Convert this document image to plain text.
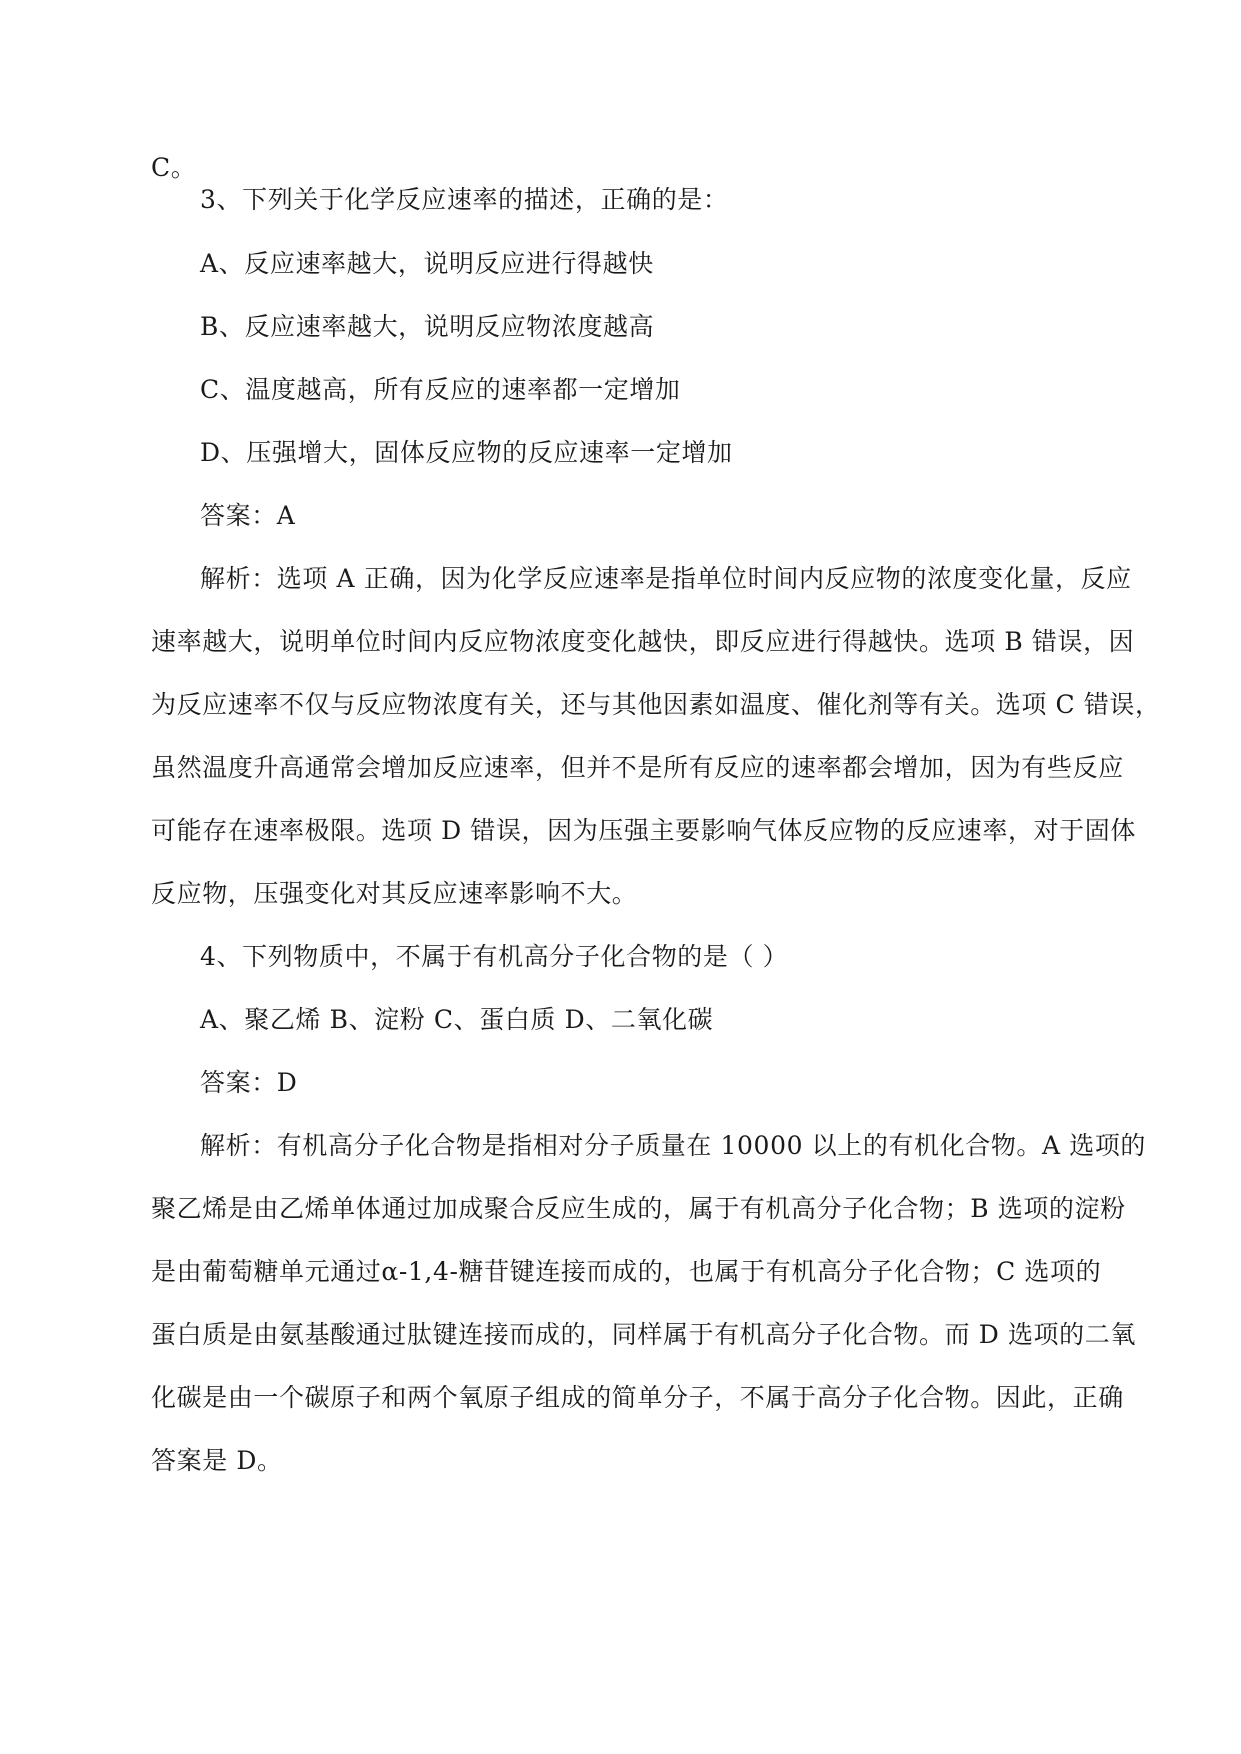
C。
3、下列关于化学反应速率的描述，正确的是：
A、反应速率越大，说明反应进行得越快
B、反应速率越大，说明反应物浓度越高
C、温度越高，所有反应的速率都一定增加
D、压强增大，固体反应物的反应速率一定增加
答案：A
解析：选项 A 正确，因为化学反应速率是指单位时间内反应物的浓度变化量，反应
速率越大，说明单位时间内反应物浓度变化越快，即反应进行得越快。选项 B 错误，因
为反应速率不仅与反应物浓度有关，还与其他因素如温度、催化剂等有关。选项 C 错误，
虽然温度升高通常会增加反应速率，但并不是所有反应的速率都会增加，因为有些反应
可能存在速率极限。选项 D 错误，因为压强主要影响气体反应物的反应速率，对于固体
反应物，压强变化对其反应速率影响不大。
4、下列物质中，不属于有机高分子化合物的是（ ）
A、聚乙烯 B、淀粉 C、蛋白质 D、二氧化碳
答案：D
解析：有机高分子化合物是指相对分子质量在 10000 以上的有机化合物。A 选项的
聚乙烯是由乙烯单体通过加成聚合反应生成的，属于有机高分子化合物；B 选项的淀粉
是由葡萄糖单元通过α-1,4-糖苷键连接而成的，也属于有机高分子化合物；C 选项的
蛋白质是由氨基酸通过肽键连接而成的，同样属于有机高分子化合物。而 D 选项的二氧
化碳是由一个碳原子和两个氧原子组成的简单分子，不属于高分子化合物。因此，正确
答案是 D。
